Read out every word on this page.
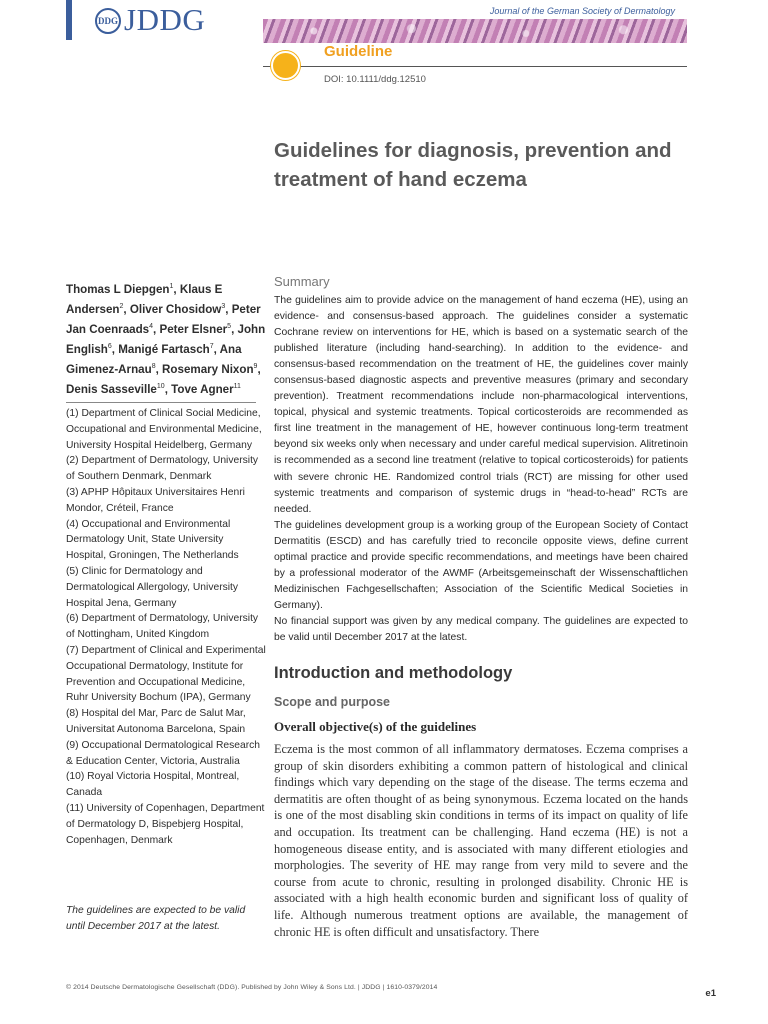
DDG JDDG	Journal of the German Society of Dermatology
Guideline
DOI: 10.1111/ddg.12510
Guidelines for diagnosis, prevention and treatment of hand eczema
Thomas L Diepgen$^1$, Klaus E Andersen$^2$, Oliver Chosidow$^3$, Peter Jan Coenraads$^4$, Peter Elsner$^5$, John English$^6$, Manigé Fartasch$^7$, Ana Gimenez-Arnau$^8$, Rosemary Nixon$^9$, Denis Sasseville$^{10}$, Tove Agner$^{11}$
(1) Department of Clinical Social Medicine, Occupational and Environmental Medicine, University Hospital Heidelberg, Germany
(2) Department of Dermatology, University of Southern Denmark, Denmark
(3) APHP Hôpitaux Universitaires Henri Mondor, Créteil, France
(4) Occupational and Environmental Dermatology Unit, State University Hospital, Groningen, The Netherlands
(5) Clinic for Dermatology and Dermatological Allergology, University Hospital Jena, Germany
(6) Department of Dermatology, University of Nottingham, United Kingdom
(7) Department of Clinical and Experimental Occupational Dermatology, Institute for Prevention and Occupational Medicine, Ruhr University Bochum (IPA), Germany
(8) Hospital del Mar, Parc de Salut Mar, Universitat Autonoma Barcelona, Spain
(9) Occupational Dermatological Research & Education Center, Victoria, Australia
(10) Royal Victoria Hospital, Montreal, Canada
(11) University of Copenhagen, Department of Dermatology D, Bispebjerg Hospital, Copenhagen, Denmark
The guidelines are expected to be valid until December 2017 at the latest.
Summary

The guidelines aim to provide advice on the management of hand eczema (HE), using an evidence- and consensus-based approach. The guidelines consider a systematic Cochrane review on interventions for HE, which is based on a systematic search of the published literature (including hand-searching). In addition to the evidence- and consensus-based recommendation on the treatment of HE, the guidelines cover mainly consensus-based diagnostic aspects and preventive measures (primary and secondary prevention). Treatment recommendations include non-pharmacological interventions, topical, physical and systemic treatments. Topical corticosteroids are recommended as first line treatment in the management of HE, however continuous long-term treatment beyond six weeks only when necessary and under careful medical supervision. Alitretinoin is recommended as a second line treatment (relative to topical corticosteroids) for patients with severe chronic HE. Randomized control trials (RCT) are missing for other used systemic treatments and comparison of systemic drugs in “head-to-head” RCTs are needed.

The guidelines development group is a working group of the European Society of Contact Dermatitis (ESCD) and has carefully tried to reconcile opposite views, define current optimal practice and provide specific recommendations, and meetings have been chaired by a professional moderator of the AWMF (Arbeitsgemeinschaft der Wissenschaftlichen Medizinischen Fachgesellschaften; Association of the Scientific Medical Societies in Germany).

No financial support was given by any medical company. The guidelines are expected to be valid until December 2017 at the latest.

Introduction and methodology
Scope and purpose
Overall objective(s) of the guidelines
Eczema is the most common of all inflammatory dermatoses. Eczema comprises a group of skin disorders exhibiting a common pattern of histological and clinical findings which vary depending on the stage of the disease. The terms eczema and dermatitis are often thought of as being synonymous. Eczema located on the hands is one of the most disabling skin conditions in terms of its impact on quality of life and occupation. Its treatment can be challenging. Hand eczema (HE) is not a homogeneous disease entity, and is associated with many different etiologies and morphologies. The severity of HE may range from very mild to severe and the course from acute to chronic, resulting in prolonged disability. Chronic HE is associated with a high health economic burden and significant loss of quality of life. Although numerous treatment options are available, the management of chronic HE is often difficult and unsatisfactory. There
© 2014 Deutsche Dermatologische Gesellschaft (DDG). Published by John Wiley & Sons Ltd. | JDDG | 1610-0379/2014
e1
